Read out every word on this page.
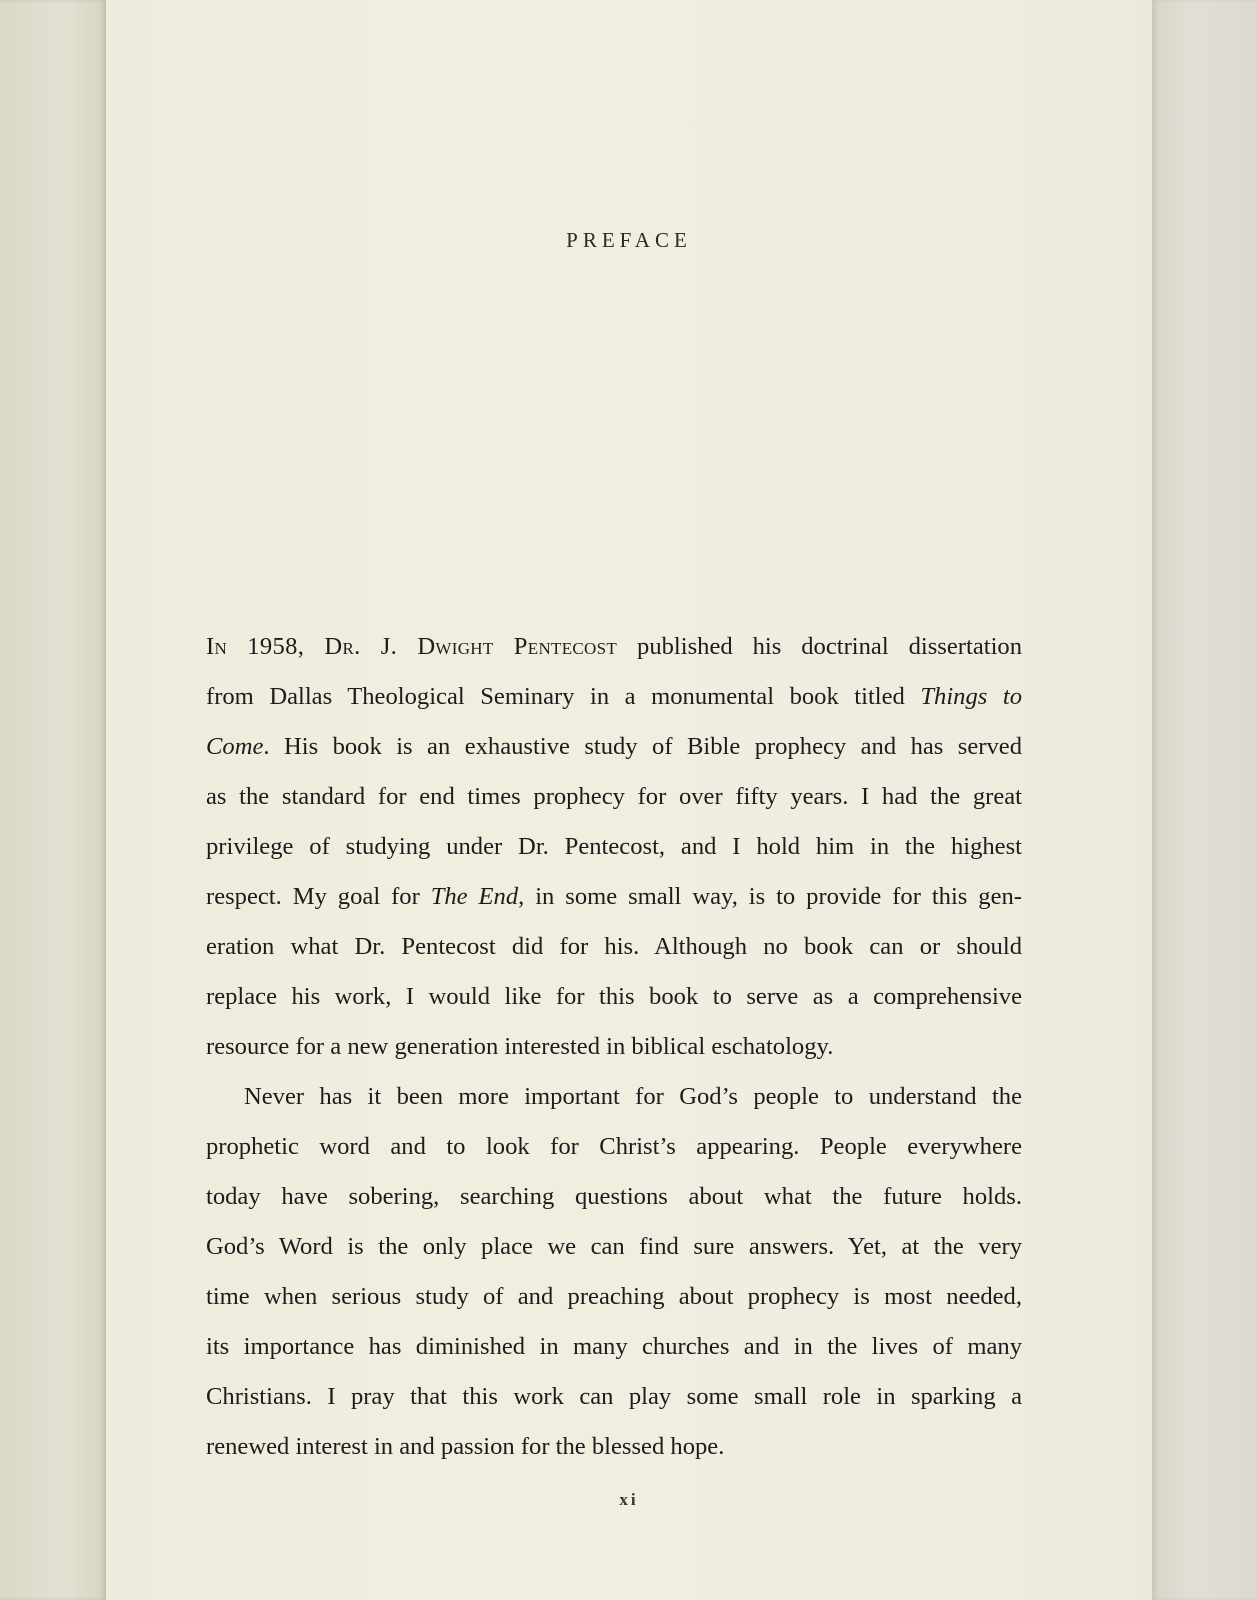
PREFACE
In 1958, Dr. J. Dwight Pentecost published his doctrinal dissertation
from Dallas Theological Seminary in a monumental book titled Things to
Come. His book is an exhaustive study of Bible prophecy and has served
as the standard for end times prophecy for over fifty years. I had the great
privilege of studying under Dr. Pentecost, and I hold him in the highest
respect. My goal for The End, in some small way, is to provide for this gen-
eration what Dr. Pentecost did for his. Although no book can or should
replace his work, I would like for this book to serve as a comprehensive
resource for a new generation interested in biblical eschatology.
Never has it been more important for God’s people to understand the
prophetic word and to look for Christ’s appearing. People everywhere
today have sobering, searching questions about what the future holds.
God’s Word is the only place we can find sure answers. Yet, at the very
time when serious study of and preaching about prophecy is most needed,
its importance has diminished in many churches and in the lives of many
Christians. I pray that this work can play some small role in sparking a
renewed interest in and passion for the blessed hope.
xi
